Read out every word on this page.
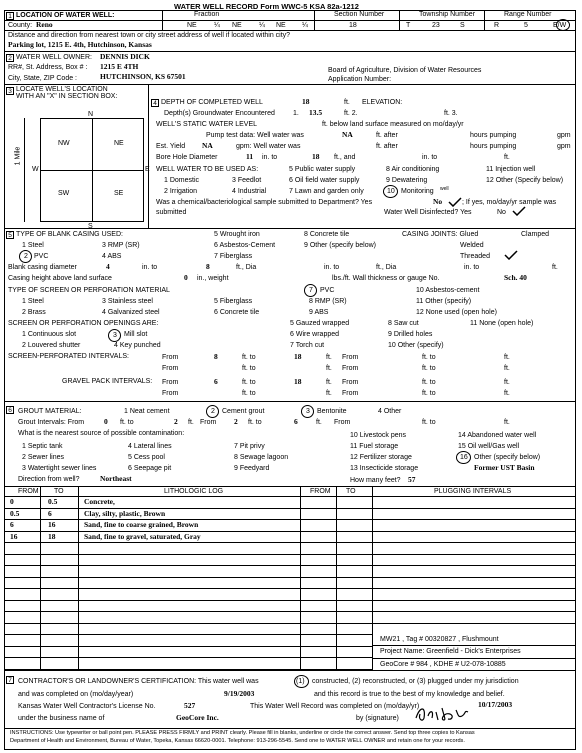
WATER WELL RECORD Form WWC-5 KSA 82a-1212
Fraction	Section Number	Township Number	Range Number
1 LOCATION OF WATER WELL:
County: Reno	NE ¼ NE ¼ NE ¼	18	T	23	S	R	5	E/W
Distance and direction from nearest town or city street address of well if located within city?
Parking lot, 1215 E. 4th, Hutchinson, Kansas
2 WATER WELL OWNER: DENNIS DICK
RR#, St. Address, Box # : 1215 E 4TH	Board of Agriculture, Division of Water Resources
City, State, ZIP Code :	HUTCHINSON, KS 67501	Application Number:
3 LOCATE WELL'S LOCATION
WITH AN "X" IN SECTION BOX:
N
NW	NE
SW	SE
W	E
S
1 Mile
4 DEPTH OF COMPLETED WELL	18	ft. ELEVATION:
Depth(s) Groundwater Encountered	1. 13.5	ft. 2.	ft. 3.
WELL'S STATIC WATER LEVEL	ft. below land surface measured on mo/day/yr
Pump test data: Well water was	NA	ft. after	hours pumping	gpm
Est. Yield NA	gpm: Well water was	ft. after	hours pumping	gpm
Bore Hole Diameter	11 in. to	18 ft., and	in. to	ft.
WELL WATER TO BE USED AS:	5 Public water supply	8 Air conditioning	11 Injection well
1 Domestic	3 Feedlot	6 Oil field water supply	9 Dewatering	12 Other (Specify below)
2 Irrigation	4 Industrial	7 Lawn and garden only	10 Monitoring well
Was a chemical/bacteriological sample submitted to Department? Yes	No	; If yes, mo/day/yr sample was
submitted	Water Well Disinfected? Yes	No
5 TYPE OF BLANK CASING USED:	5 Wrought iron	8 Concrete tile	CASING JOINTS: Glued	Clamped
1 Steel	3 RMP (SR)	6 Asbestos-Cement	9 Other (specify below)	Welded
2 PVC	4 ABS	7 Fiberglass	Threaded
Blank casing diameter	4	in. to	8	ft., Dia	in. to	ft., Dia	in. to	ft.
Casing height above land surface	0 in., weight	lbs./ft. Wall thickness or gauge No.	Sch. 40
TYPE OF SCREEN OR PERFORATION MATERIAL	7 PVC	10 Asbestos-cement
1 Steel	3 Stainless steel	5 Fiberglass	8 RMP (SR)	11 Other (specify)
2 Brass	4 Galvanized steel	6 Concrete tile	9 ABS	12 None used (open hole)
SCREEN OR PERFORATION OPENINGS ARE:	5 Gauzed wrapped	8 Saw cut	11 None (open hole)
1 Continuous slot	3 Mill slot	6 Wire wrapped	9 Drilled holes
2 Louvered shutter	4 Key punched	7 Torch cut	10 Other (specify)
SCREEN-PERFORATED INTERVALS:	From	8	ft. to	18	ft. From	ft. to	ft.
From	ft. to	ft. From	ft. to	ft.
GRAVEL PACK INTERVALS: From	6	ft. to	18	ft. From	ft. to	ft.
From	ft. to	ft. From	ft. to	ft.
6 GROUT MATERIAL:	1 Neat cement	2 Cement grout	3 Bentonite	4 Other
Grout Intervals: From	0 ft. to	2 ft. From 2 ft. to	6	ft. From	ft. to	ft.
What is the nearest source of possible contamination:	10 Livestock pens	14 Abandoned water well
1 Septic tank	4 Lateral lines	7 Pit privy	11 Fuel storage	15 Oil well/Gas well
2 Sewer lines	5 Cess pool	8 Sewage lagoon	12 Fertilizer storage	16 Other (specify below)
3 Watertight sewer lines	6 Seepage pit	9 Feedyard	13 Insecticide storage	Former UST Basin
Direction from well?	Northeast	How many feet? 57
FROM TO	LITHOLOGIC LOG	FROM TO	PLUGGING INTERVALS
0	0.5	Concrete,
0.5	6	Clay, silty, plastic, Brown
6	16	Sand, fine to coarse grained, Brown
16	18	Sand, fine to gravel, saturated, Gray
MW21 , Tag # 00320827 , Flushmount
Project Name: Greenfield - Dick's Enterprises
GeoCore # 984 , KDHE # U2-078-10885
7 CONTRACTOR'S OR LANDOWNER'S CERTIFICATION: This water well was	(1) constructed, (2) reconstructed, or (3) plugged under my jurisdiction
and was completed on (mo/day/year)	9/19/2003	and this record is true to the best of my knowledge and belief.
Kansas Water Well Contractor's License No.	527	This Water Well Record was completed on (mo/day/yr)	10/17/2003
under the business name of	GeoCore Inc.	by (signature)
INSTRUCTIONS: Use typewriter or ball point pen. PLEASE PRESS FIRMLY and PRINT clearly. Please fill in blanks, underline or circle the correct answer. Send top three copies to Kansas
Department of Health and Environment, Bureau of Water, Topeka, Kansas 66620-0001. Telephone: 913-296-5545. Send one to WATER WELL OWNER and retain one for your records.
